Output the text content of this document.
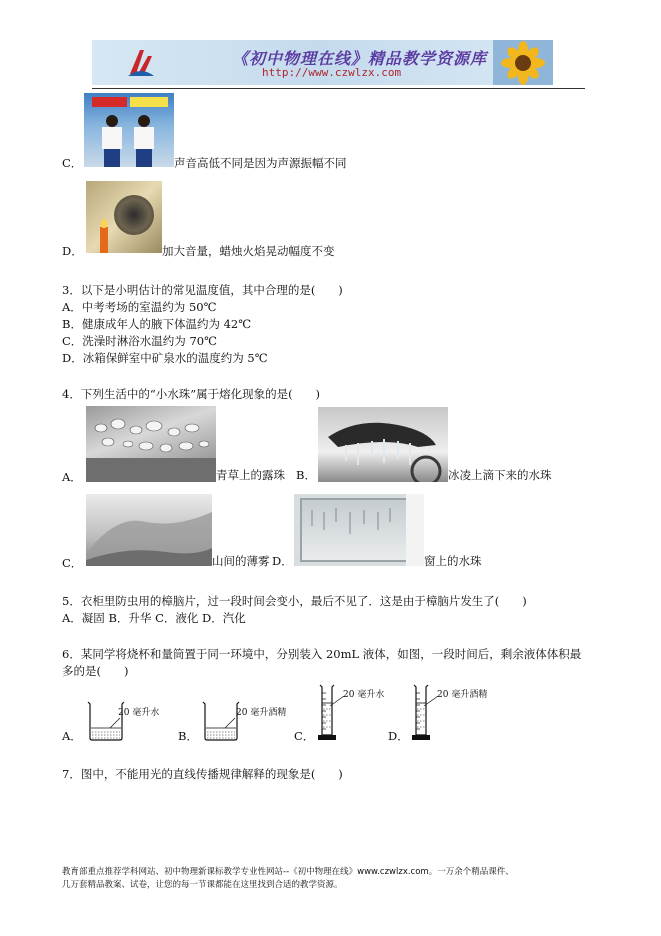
《初中物理在线》精品教学资源库
http://www.czwlzx.com
C．	声音高低不同是因为声源振幅不同
D．	加大音量，蜡烛火焰晃动幅度不变
3．以下是小明估计的常见温度值，其中合理的是(　　)
A．中考考场的室温约为 50℃
B．健康成年人的腋下体温约为 42℃
C．洗澡时淋浴水温约为 70℃
D．冰箱保鲜室中矿泉水的温度约为 5℃
4．下列生活中的“小水珠”属于熔化现象的是(　　)
A．	青草上的露珠 B．	冰凌上滴下来的水珠
C．	山间的薄雾 D．	窗上的水珠
5．衣柜里防虫用的樟脑片，过一段时间会变小，最后不见了．这是由于樟脑片发生了(　　)
A．凝固 B．升华 C．液化 D．汽化
6．某同学将烧杯和量筒置于同一环境中，分别装入 20mL 液体，如图，一段时间后，剩余液体体积最
多的是(　　)
20 毫升水
A．
20 毫升酒精
B．
20 毫升水
C．
20 毫升酒精
D．
7．图中，不能用光的直线传播规律解释的现象是(　　)
教育部重点推荐学科网站、初中物理新课标教学专业性网站--《初中物理在线》www.czwlzx.com。一万余个精品课件、
几万套精品教案、试卷，让您的每一节课都能在这里找到合适的教学资源。
